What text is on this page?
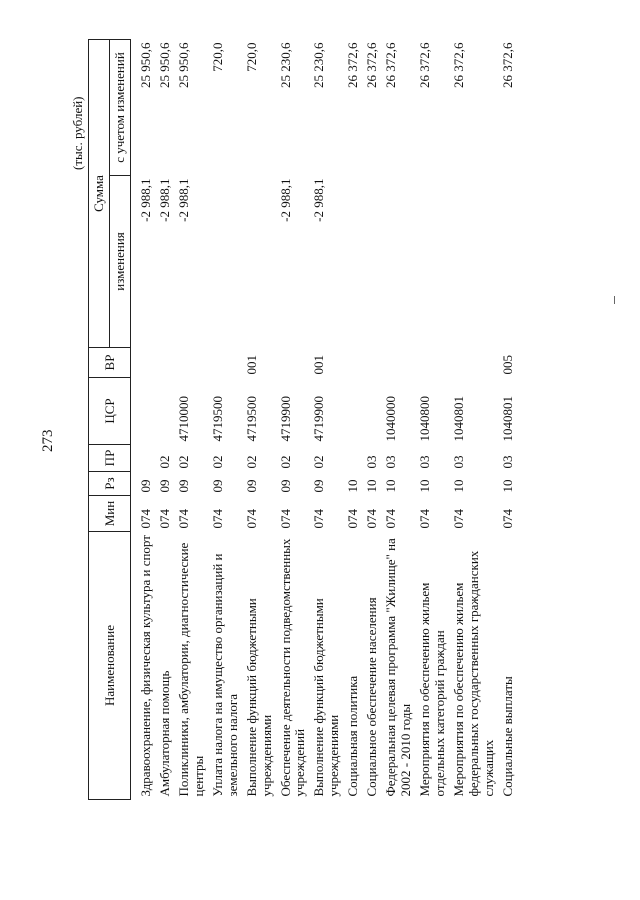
273
(тыс. рублей)
Наименование	Мин	Рз	ПР	ЦСР	ВР	Сумма	
						изменения	с учетом изменений
Здравоохранение, физическая культура и спорт	074	09				-2 988,1	25 950,6
Амбулаторная помощь	074	09	02			-2 988,1	25 950,6
Поликлиники, амбулатории, диагностические центры	074	09	02	4710000		-2 988,1	25 950,6
Уплата налога на имущество организаций и земельного налога	074	09	02	4719500			720,0
Выполнение функций бюджетными учреждениями	074	09	02	4719500	001		720,0
Обеспечение деятельности подведомственных учреждений	074	09	02	4719900		-2 988,1	25 230,6
Выполнение функций бюджетными учреждениями	074	09	02	4719900	001	-2 988,1	25 230,6
Социальная политика	074	10					26 372,6
Социальное обеспечение населения	074	10	03				26 372,6
Федеральная целевая программа "Жилище" на 2002 - 2010 годы	074	10	03	1040000			26 372,6
Мероприятия по обеспечению жильем отдельных категорий граждан	074	10	03	1040800			26 372,6
Мероприятия по обеспечению жильем федеральных государственных гражданских служащих	074	10	03	1040801			26 372,6
Социальные выплаты	074	10	03	1040801	005		26 372,6
